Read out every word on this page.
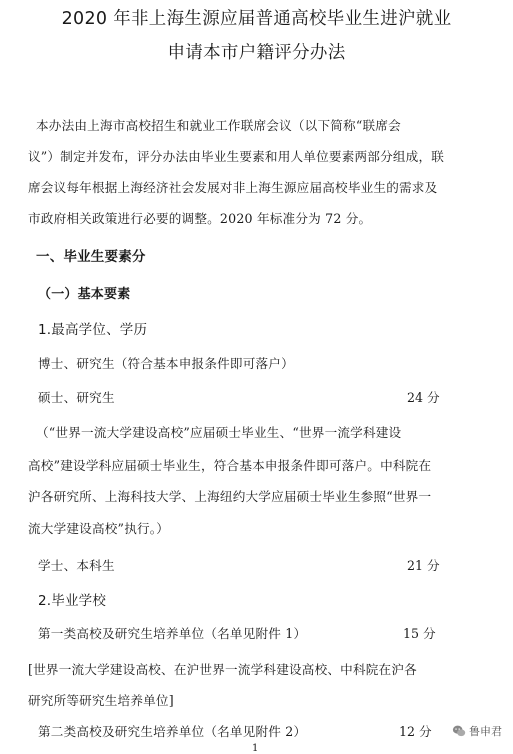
2020 年非上海生源应届普通高校毕业生进沪就业
申请本市户籍评分办法
本办法由上海市高校招生和就业工作联席会议（以下简称“联席会
议”）制定并发布，评分办法由毕业生要素和用人单位要素两部分组成，联
席会议每年根据上海经济社会发展对非上海生源应届高校毕业生的需求及
市政府相关政策进行必要的调整。2020 年标准分为 72 分。
一、毕业生要素分
（一）基本要素
1.最高学位、学历
博士、研究生（符合基本申报条件即可落户）
硕士、研究生	24 分
（“世界一流大学建设高校”应届硕士毕业生、“世界一流学科建设
高校”建设学科应届硕士毕业生，符合基本申报条件即可落户。中科院在
沪各研究所、上海科技大学、上海纽约大学应届硕士毕业生参照“世界一
流大学建设高校”执行。）
学士、本科生	21 分
2.毕业学校
第一类高校及研究生培养单位（名单见附件 1）	15 分
[世界一流大学建设高校、在沪世界一流学科建设高校、中科院在沪各
研究所等研究生培养单位]
第二类高校及研究生培养单位（名单见附件 2）	12 分
1
鲁申君
